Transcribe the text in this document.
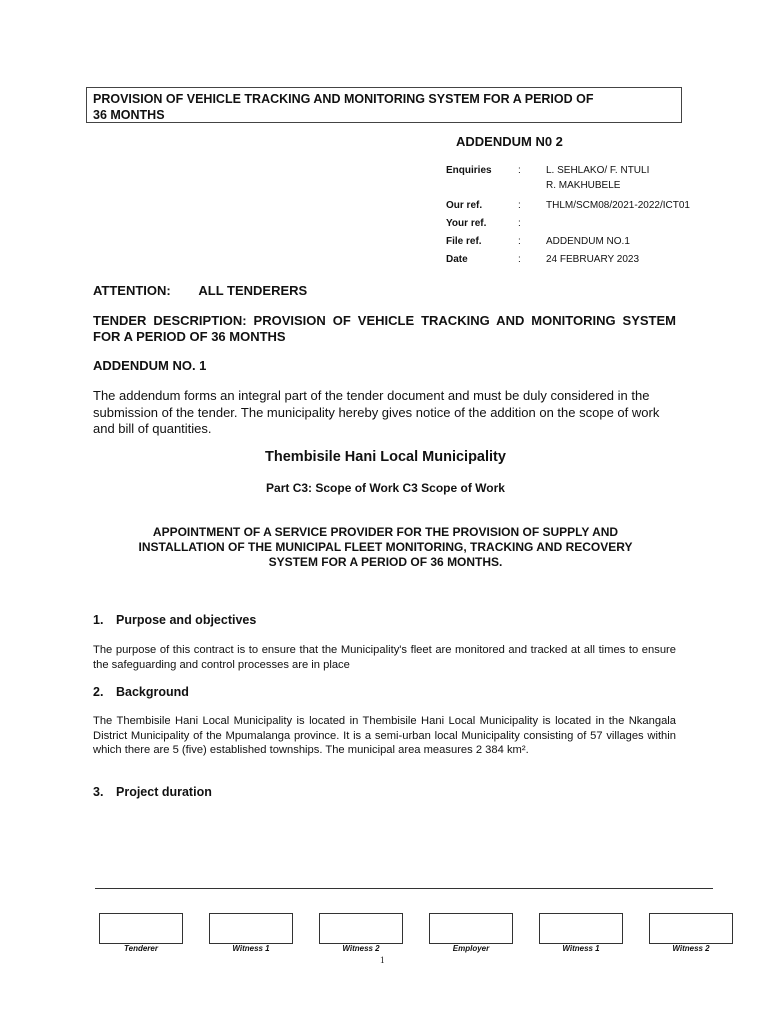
PROVISION OF VEHICLE TRACKING AND MONITORING SYSTEM FOR A PERIOD OF
36 MONTHS
ADDENDUM N0 2
Enquiries	:	L. SEHLAKO/ F. NTULI
R. MAKHUBELE
Our ref.	:	THLM/SCM08/2021-2022/ICT01
Your ref.	:
File ref.	:	ADDENDUM NO.1
Date	:	24 FEBRUARY 2023
ATTENTION: ALL TENDERERS
TENDER DESCRIPTION: PROVISION OF VEHICLE TRACKING AND MONITORING SYSTEM FOR A PERIOD OF 36 MONTHS
ADDENDUM NO. 1
The addendum forms an integral part of the tender document and must be duly considered in the submission of the tender. The municipality hereby gives notice of the addition on the scope of work and bill of quantities.
Thembisile Hani Local Municipality
Part C3: Scope of Work C3 Scope of Work
APPOINTMENT OF A SERVICE PROVIDER FOR THE PROVISION OF SUPPLY AND
INSTALLATION OF THE MUNICIPAL FLEET MONITORING, TRACKING AND RECOVERY
SYSTEM FOR A PERIOD OF 36 MONTHS.
1. Purpose and objectives
The purpose of this contract is to ensure that the Municipality's fleet are monitored and tracked at all times to ensure the safeguarding and control processes are in place
2. Background
The Thembisile Hani Local Municipality is located in Thembisile Hani Local Municipality is located in the Nkangala District Municipality of the Mpumalanga province. It is a semi-urban local Municipality consisting of 57 villages within which there are 5 (five) established townships. The municipal area measures 2 384 km².
3. Project duration
Tenderer	Witness 1	Witness 2	Employer	Witness 1	Witness 2
1
